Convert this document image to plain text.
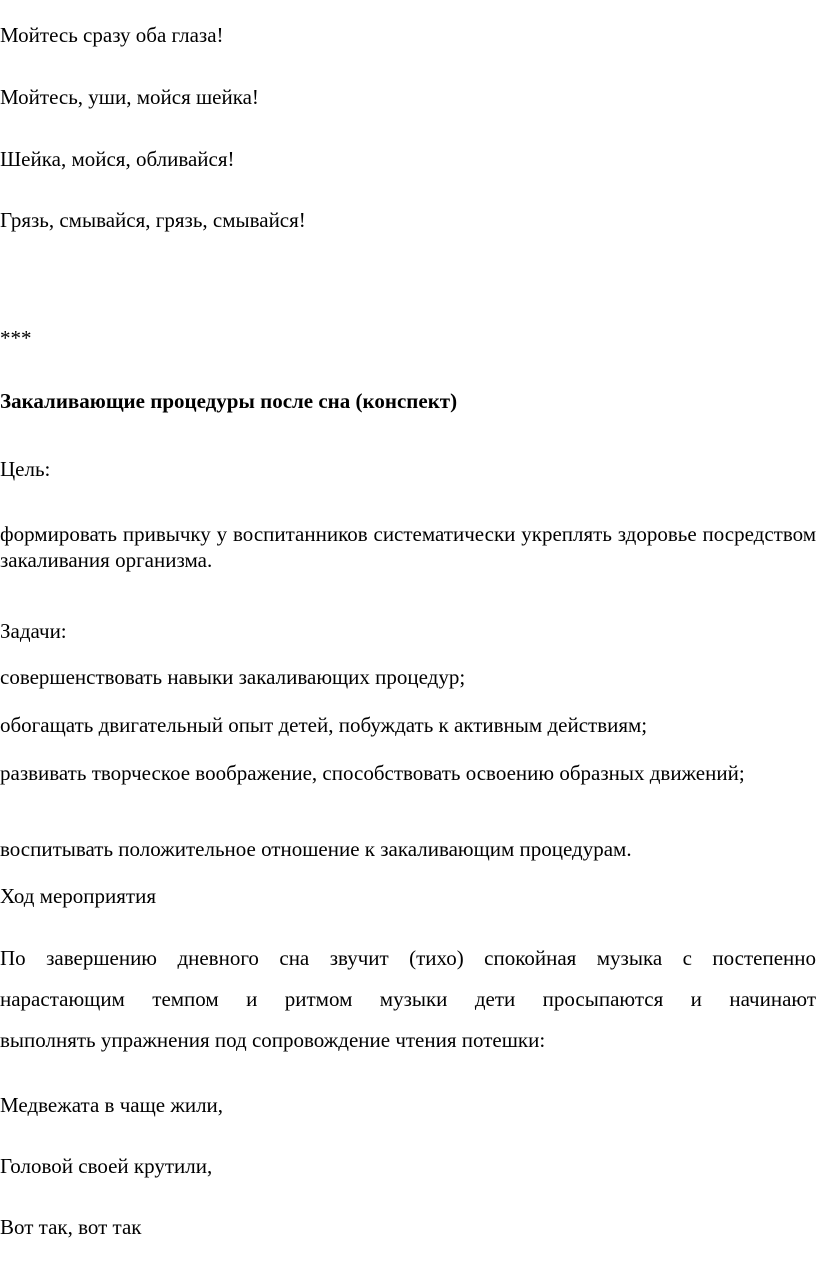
Мойтесь сразу оба глаза!

Мойтесь, уши, мойся шейка!

Шейка, мойся, обливайся!

Грязь, смывайся, грязь, смывайся!

***

Закаливающие процедуры после сна (конспект)

Цель:

формировать привычку у воспитанников систематически укреплять здоровье посредством закаливания организма.

Задачи:

совершенствовать навыки закаливающих процедур;

обогащать двигательный опыт детей, побуждать к активным действиям;

развивать творческое воображение, способствовать освоению образных движений;

воспитывать положительное отношение к закаливающим процедурам.

Ход мероприятия

По завершению дневного сна звучит (тихо) спокойная музыка с постепенно

нарастающим темпом и ритмом музыки дети просыпаются и начинают

выполнять упражнения под сопровождение чтения потешки:

Медвежата в чаще жили,

Головой своей крутили,

Вот так, вот так
